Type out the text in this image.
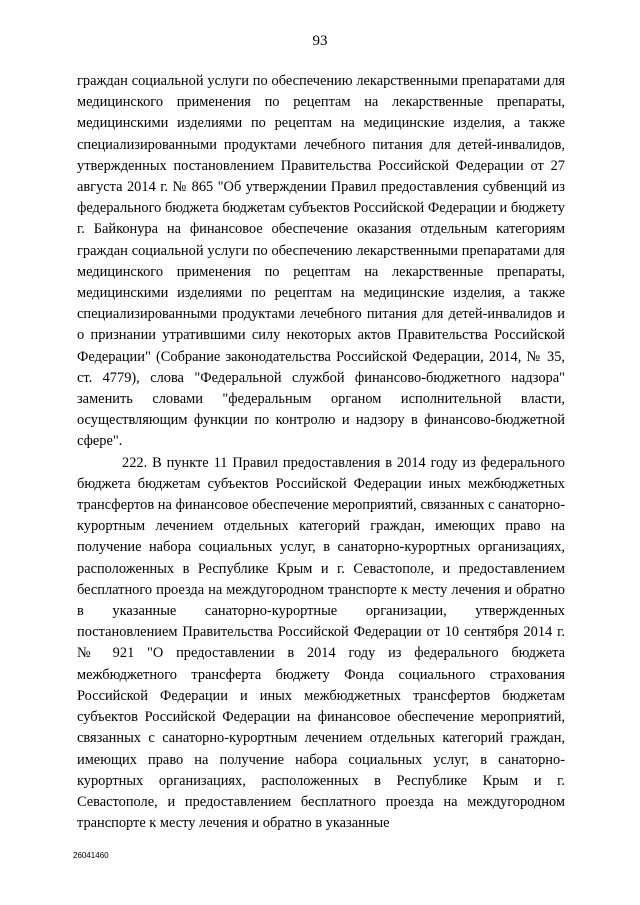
93

граждан социальной услуги по обеспечению лекарственными препаратами для медицинского применения по рецептам на лекарственные препараты, медицинскими изделиями по рецептам на медицинские изделия, а также специализированными продуктами лечебного питания для детей-инвалидов, утвержденных постановлением Правительства Российской Федерации от 27 августа 2014 г. № 865 "Об утверждении Правил предоставления субвенций из федерального бюджета бюджетам субъектов Российской Федерации и бюджету г. Байконура на финансовое обеспечение оказания отдельным категориям граждан социальной услуги по обеспечению лекарственными препаратами для медицинского применения по рецептам на лекарственные препараты, медицинскими изделиями по рецептам на медицинские изделия, а также специализированными продуктами лечебного питания для детей-инвалидов и о признании утратившими силу некоторых актов Правительства Российской Федерации" (Собрание законодательства Российской Федерации, 2014, № 35, ст. 4779), слова "Федеральной службой финансово-бюджетного надзора" заменить словами "федеральным органом исполнительной власти, осуществляющим функции по контролю и надзору в финансово-бюджетной сфере".

222. В пункте 11 Правил предоставления в 2014 году из федерального бюджета бюджетам субъектов Российской Федерации иных межбюджетных трансфертов на финансовое обеспечение мероприятий, связанных с санаторно-курортным лечением отдельных категорий граждан, имеющих право на получение набора социальных услуг, в санаторно-курортных организациях, расположенных в Республике Крым и г. Севастополе, и предоставлением бесплатного проезда на междугородном транспорте к месту лечения и обратно в указанные санаторно-курортные организации, утвержденных постановлением Правительства Российской Федерации от 10 сентября 2014 г. № 921 "О предоставлении в 2014 году из федерального бюджета межбюджетного трансферта бюджету Фонда социального страхования Российской Федерации и иных межбюджетных трансфертов бюджетам субъектов Российской Федерации на финансовое обеспечение мероприятий, связанных с санаторно-курортным лечением отдельных категорий граждан, имеющих право на получение набора социальных услуг, в санаторно-курортных организациях, расположенных в Республике Крым и г. Севастополе, и предоставлением бесплатного проезда на междугородном транспорте к месту лечения и обратно в указанные

26041460
